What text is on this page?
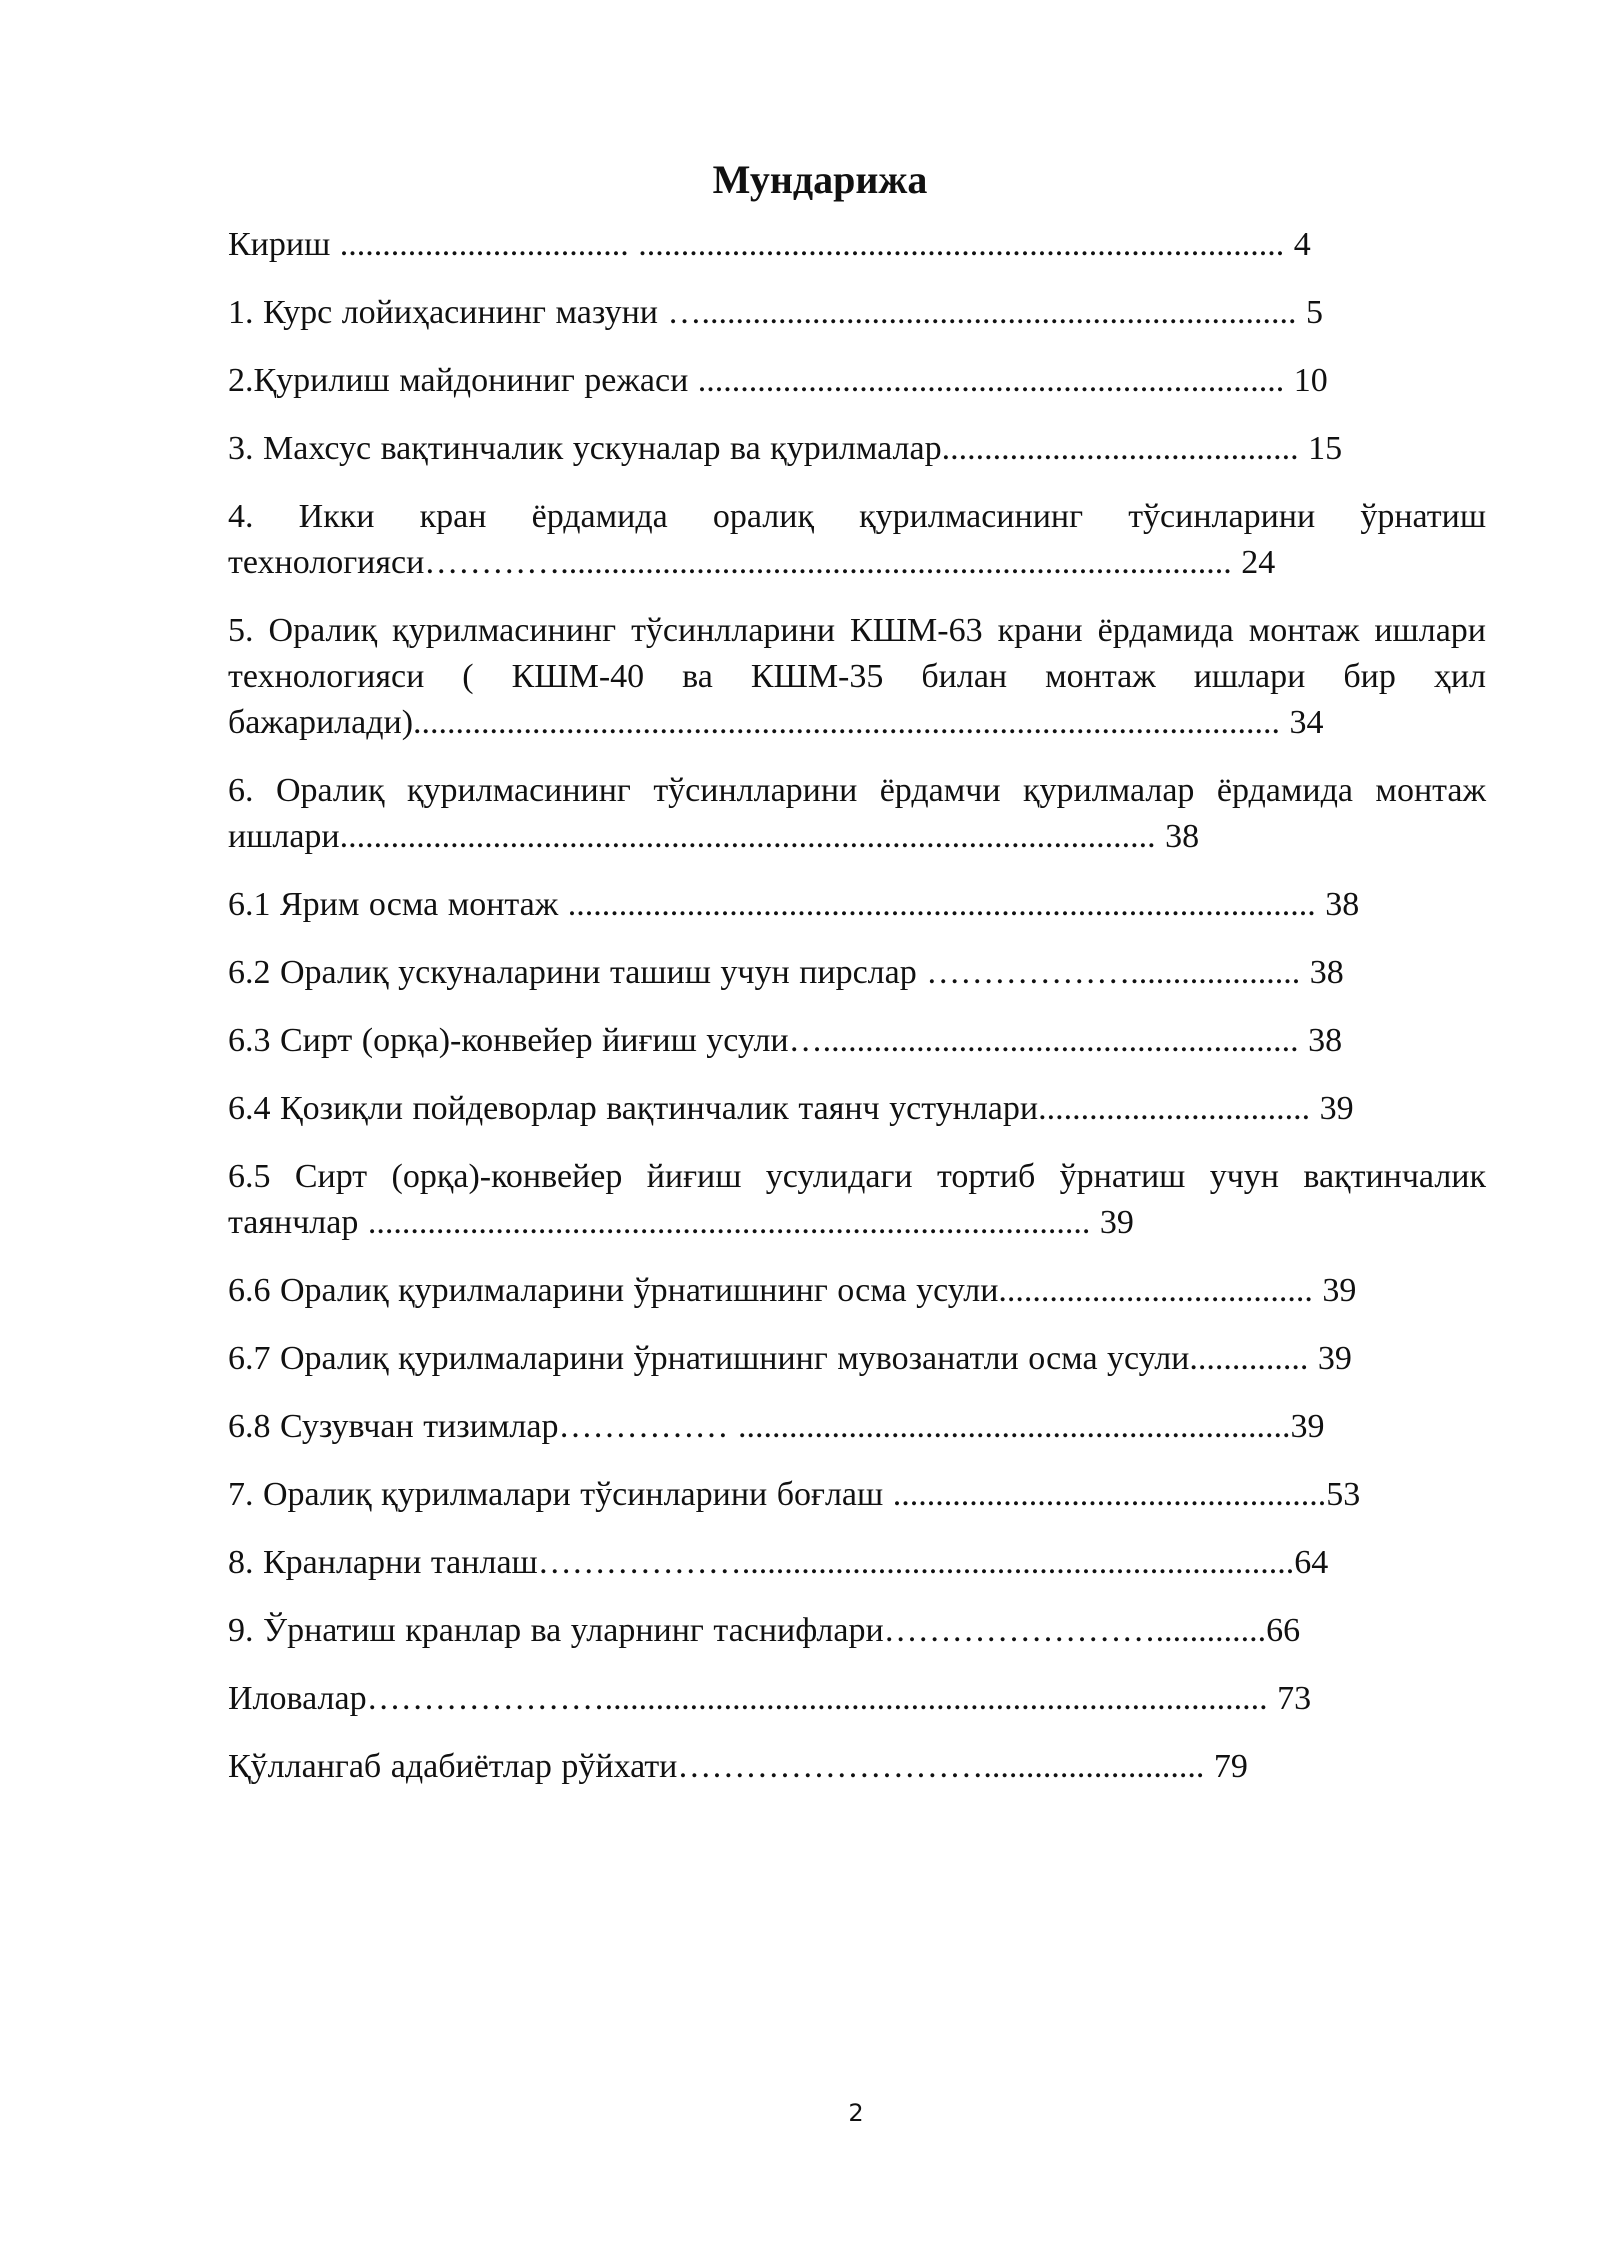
Мундарижа

Кириш .................................. ............................................................................ 4

1. Курс лойиҳасининг мазуни …...................................................................... 5

2.Қурилиш майдониниг режаси ..................................................................... 10

3. Махсус вақтинчалик ускуналар ва қурилмалар.......................................... 15

4. Икки кран ёрдамида оралиқ қурилмасининг тўсинларини ўрнатиш технологияси…………............................................................................... 24

5. Оралиқ қурилмасининг тўсинлларини КШМ-63 крани ёрдамида монтаж ишлари технологияси ( КШМ-40 ва КШМ-35 билан монтаж ишлари бир ҳил бажарилади)...................................................................................................... 34

6. Оралиқ қурилмасининг тўсинлларини ёрдамчи қурилмалар ёрдамида монтаж ишлари................................................................................................ 38

6.1 Ярим осма монтаж ........................................................................................ 38

6.2 Оралиқ ускуналарини ташиш учун пирслар ……………….................... 38

6.3 Сирт (орқа)-конвейер йиғиш усули…........................................................ 38

6.4 Қозиқли пойдеворлар вақтинчалик таянч устунлари................................ 39

6.5 Сирт (орқа)-конвейер йиғиш усулидаги тортиб ўрнатиш учун вақтинчалик таянчлар ..................................................................................... 39

6.6 Оралиқ қурилмаларини ўрнатишнинг осма усули..................................... 39

6.7 Оралиқ қурилмаларини ўрнатишнинг мувозанатли осма усули.............. 39

6.8 Сузувчан тизимлар…………… .................................................................39

7. Оралиқ қурилмалари тўсинларини боғлаш ...................................................53

8. Кранларни танлаш……………….................................................................64

9. Ўрнатиш кранлар ва уларнинг таснифлари…………………….............66

Иловалар………………….............................................................................. 73

Қўллангаб адабиётлар рўйхати……………………….......................... 79

2
